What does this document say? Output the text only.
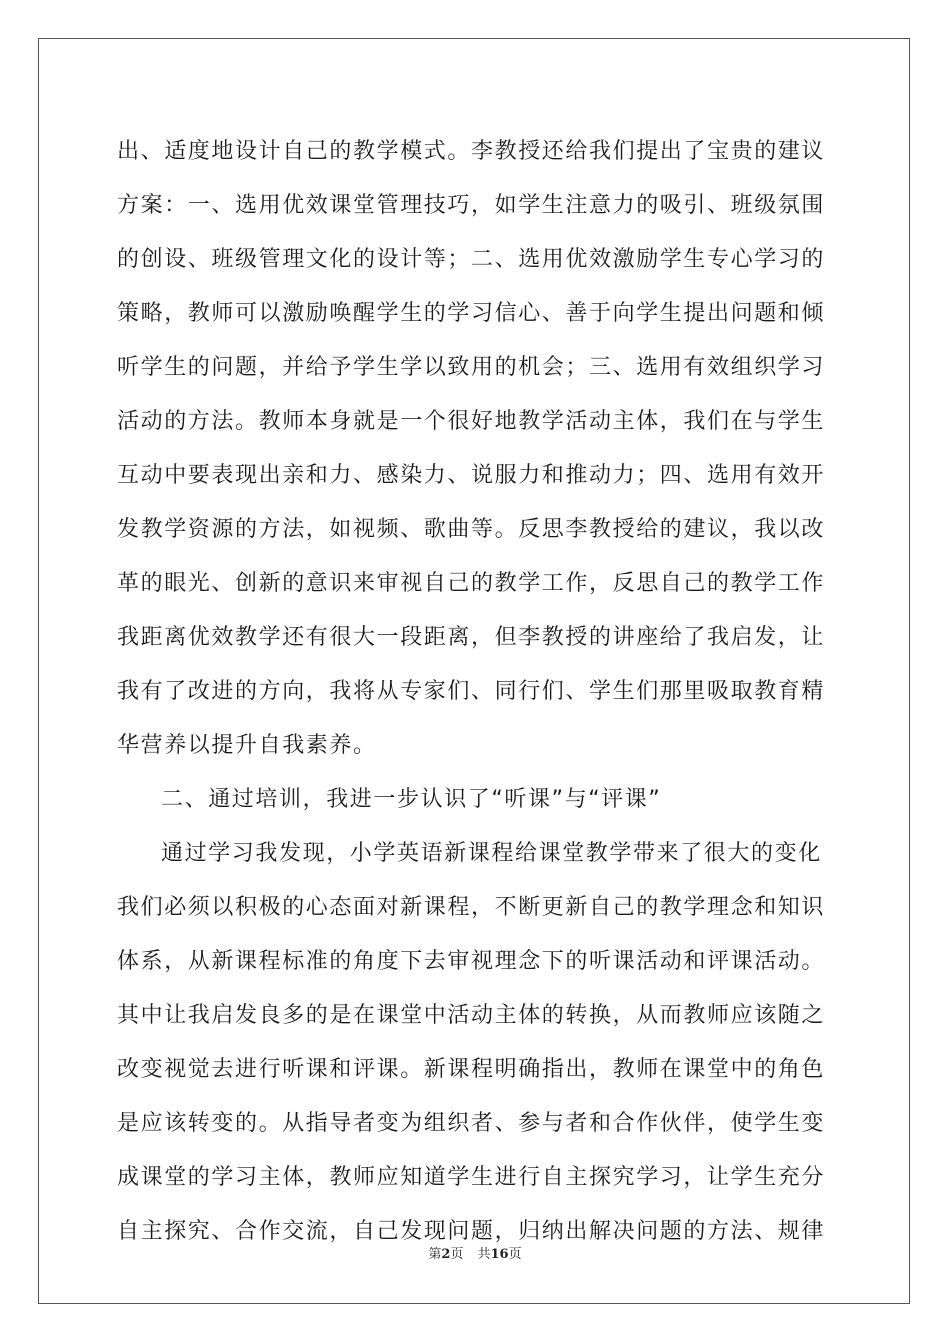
出、适度地设计自己的教学模式。李教授还给我们提出了宝贵的建议
方案：一、选用优效课堂管理技巧，如学生注意力的吸引、班级氛围
的创设、班级管理文化的设计等；二、选用优效激励学生专心学习的
策略，教师可以激励唤醒学生的学习信心、善于向学生提出问题和倾
听学生的问题，并给予学生学以致用的机会；三、选用有效组织学习
活动的方法。教师本身就是一个很好地教学活动主体，我们在与学生
互动中要表现出亲和力、感染力、说服力和推动力；四、选用有效开
发教学资源的方法，如视频、歌曲等。反思李教授给的建议，我以改
革的眼光、创新的意识来审视自己的教学工作，反思自己的教学工作
我距离优效教学还有很大一段距离，但李教授的讲座给了我启发，让
我有了改进的方向，我将从专家们、同行们、学生们那里吸取教育精
华营养以提升自我素养。
二、通过培训，我进一步认识了“听课”与“评课”
通过学习我发现，小学英语新课程给课堂教学带来了很大的变化
我们必须以积极的心态面对新课程，不断更新自己的教学理念和知识
体系，从新课程标准的角度下去审视理念下的听课活动和评课活动。
其中让我启发良多的是在课堂中活动主体的转换，从而教师应该随之
改变视觉去进行听课和评课。新课程明确指出，教师在课堂中的角色
是应该转变的。从指导者变为组织者、参与者和合作伙伴，使学生变
成课堂的学习主体，教师应知道学生进行自主探究学习，让学生充分
自主探究、合作交流，自己发现问题，归纳出解决问题的方法、规律
第2页 共16页
